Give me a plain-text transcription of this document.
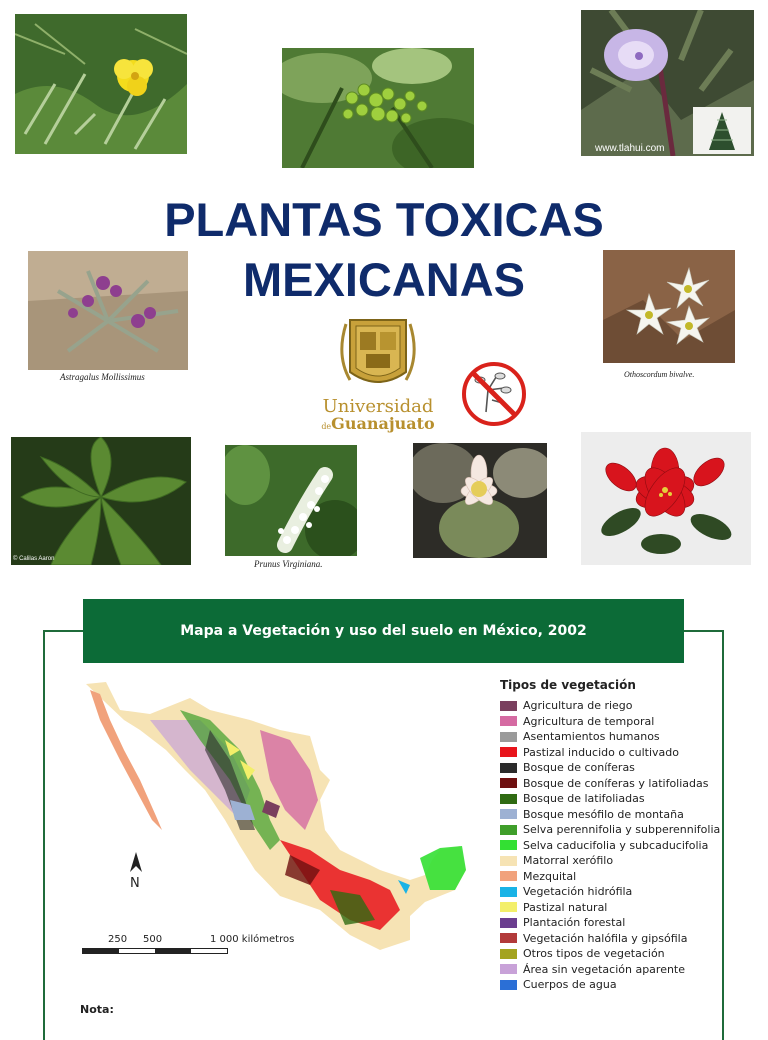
www.tlahui.com
PLANTAS TOXICAS
MEXICANAS
Astragalus Mollissimus
Universidad
deGuanajuato
Othoscordum bivalve.
© Calilas Aaron	Prunus Virginiana.
Mapa a Vegetación y uso del suelo en México, 2002
N
250 500	1 000 kilómetros
Tipos de vegetación
Agricultura de riego
Agricultura de temporal
Asentamientos humanos
Pastizal inducido o cultivado
Bosque de coníferas
Bosque de coníferas y latifoliadas
Bosque de latifoliadas
Bosque mesófilo de montaña
Selva perennifolia y subperennifolia
Selva caducifolia y subcaducifolia
Matorral xerófilo
Mezquital
Vegetación hidrófila
Pastizal natural
Plantación forestal
Vegetación halófila y gipsófila
Otros tipos de vegetación
Área sin vegetación aparente
Cuerpos de agua
Nota:
